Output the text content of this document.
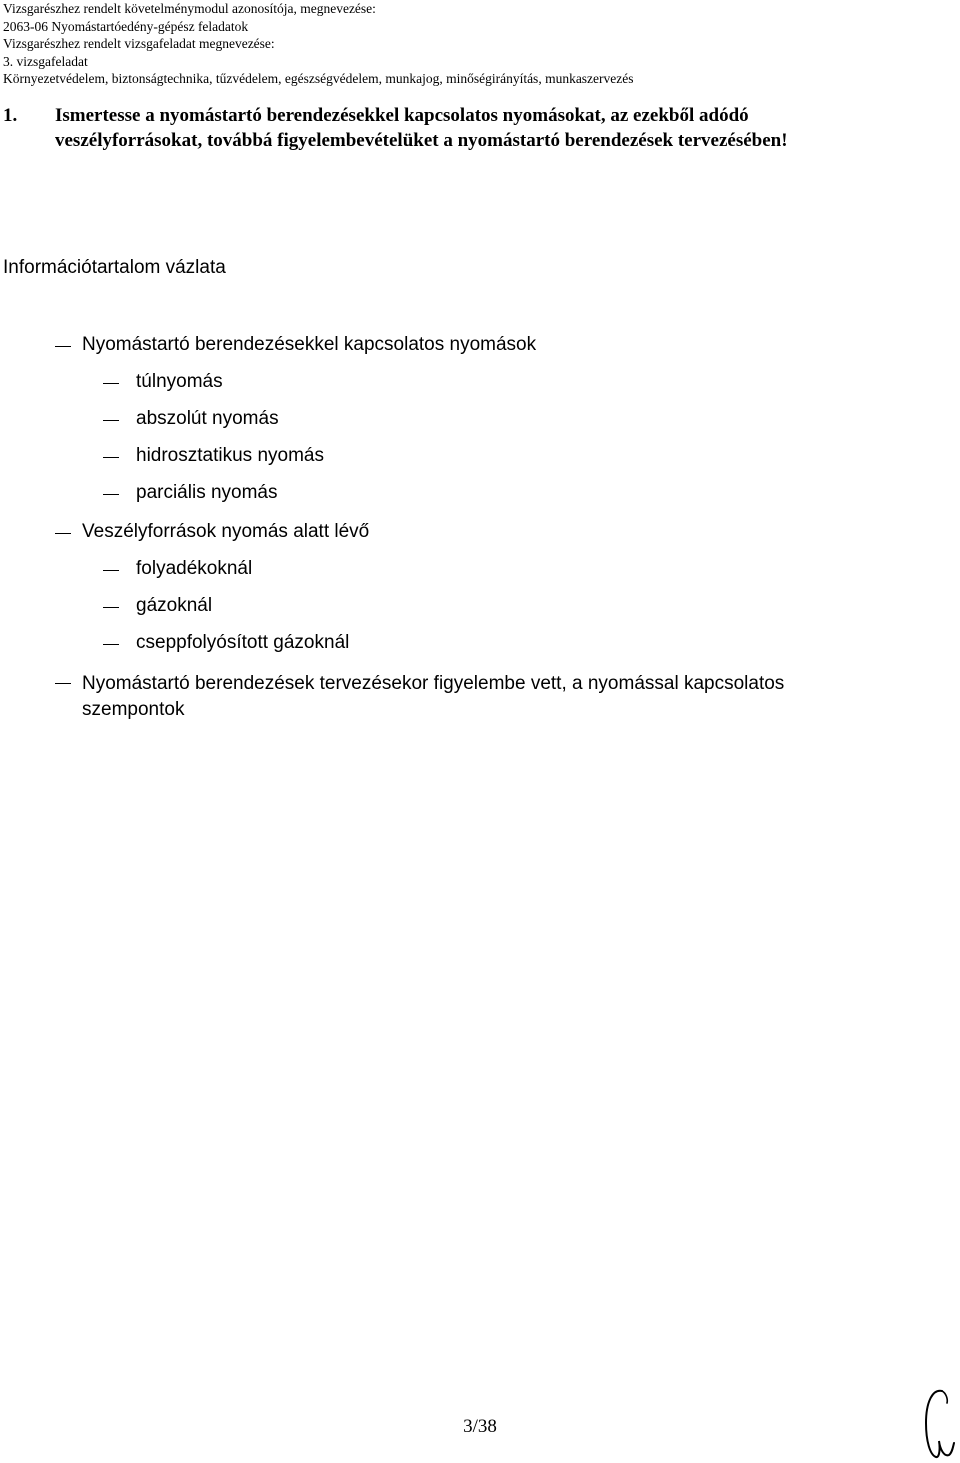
Vizsgarészhez rendelt követelménymodul azonosítója, megnevezése:
2063-06 Nyomástartóedény-gépész feladatok
Vizsgarészhez rendelt vizsgafeladat megnevezése:
3. vizsgafeladat
Környezetvédelem, biztonságtechnika, tűzvédelem, egészségvédelem, munkajog, minőségirányítás, munkaszervezés
1. Ismertesse a nyomástartó berendezésekkel kapcsolatos nyomásokat, az ezekből adódó veszélyforrásokat, továbbá figyelembevételüket a nyomástartó berendezések tervezésében!
Információtartalom vázlata
Nyomástartó berendezésekkel kapcsolatos nyomások
túlnyomás
abszolút nyomás
hidrosztatikus nyomás
parciális nyomás
Veszélyforrások nyomás alatt lévő
folyadékoknál
gázoknál
cseppfolyósított gázoknál
Nyomástartó berendezések tervezésekor figyelembe vett, a nyomással kapcsolatos szempontok
3/38
